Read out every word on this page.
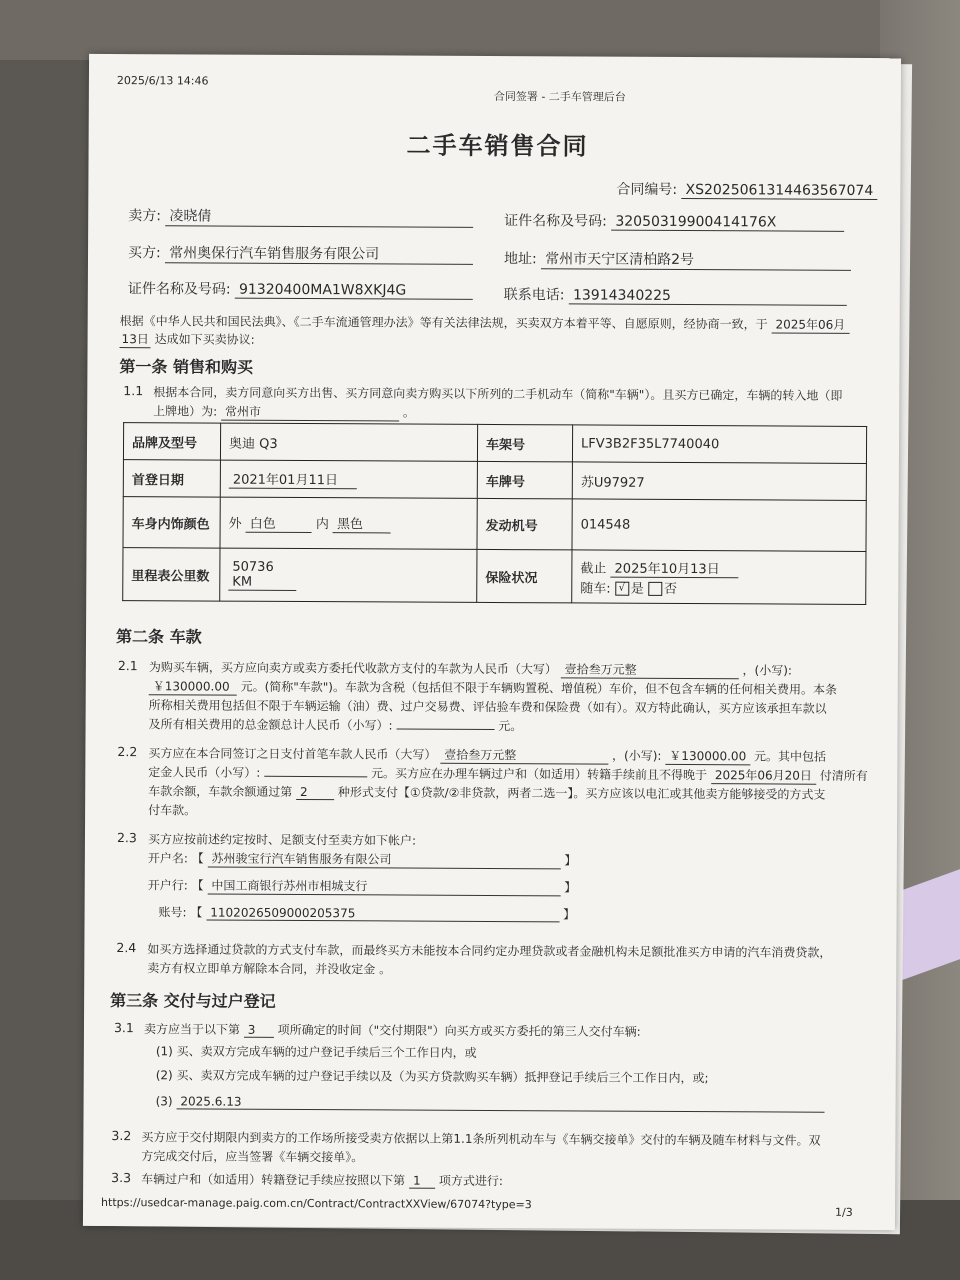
2025/6/13 14:46
合同签署 - 二手车管理后台
二手车销售合同
合同编号: XS2025061314463567074
卖方: 凌晓倩	证件名称及号码: 32050319900414176X
买方: 常州奥保行汽车销售服务有限公司	地址: 常州市天宁区清柏路2号
证件名称及号码: 91320400MA1W8XKJ4G	联系电话: 13914340225
根据《中华人民共和国民法典》、《二手车流通管理办法》等有关法律法规，买卖双方本着平等、自愿原则，经协商一致，于 2025年06月
13日 达成如下买卖协议:
第一条 销售和购买
1.1 根据本合同，卖方同意向买方出售、买方同意向卖方购买以下所列的二手机动车（简称"车辆"）。且买方已确定，车辆的转入地（即
上牌地）为: 常州市	。
品牌及型号	奥迪 Q3	车架号	LFV3B2F35L7740040
首登日期	2021年01月11日	车牌号	苏U97927
车身内饰颜色	外 白色 内 黑色	发动机号	014548
里程表公里数	50736 KM	保险状况	截止 2025年10月13日
随车: √ 是 否
第二条 车款
2.1 为购买车辆，买方应向卖方或卖方委托代收款方支付的车款为人民币（大写） 壹拾叁万元整	，(小写):
￥130000.00 元。(简称"车款")。车款为含税（包括但不限于车辆购置税、增值税）车价，但不包含车辆的任何相关费用。本条
所称相关费用包括但不限于车辆运输（油）费、过户交易费、评估验车费和保险费（如有）。双方特此确认，买方应该承担车款以
及所有相关费用的总金额总计人民币（小写）:	元。
2.2 买方应在本合同签订之日支付首笔车款人民币（大写） 壹拾叁万元整	，(小写): ￥130000.00 元。其中包括
定金人民币（小写）:	元。买方应在办理车辆过户和（如适用）转籍手续前且不得晚于 2025年06月20日 付清所有
车款余额，车款余额通过第 2	种形式支付【①贷款/②非贷款，两者二选一】。买方应该以电汇或其他卖方能够接受的方式支
付车款。
2.3 买方应按前述约定按时、足额支付至卖方如下帐户:
开户名: 【 苏州骏宝行汽车销售服务有限公司	】
开户行: 【 中国工商银行苏州市相城支行	】
账号: 【 1102026509000205375	】
2.4 如买方选择通过贷款的方式支付车款，而最终买方未能按本合同约定办理贷款或者金融机构未足额批准买方申请的汽车消费贷款，
卖方有权立即单方解除本合同，并没收定金 。
第三条 交付与过户登记
3.1 卖方应当于以下第 3 项所确定的时间（"交付期限"）向买方或买方委托的第三人交付车辆:
(1) 买、卖双方完成车辆的过户登记手续后三个工作日内，或
(2) 买、卖双方完成车辆的过户登记手续以及（为买方贷款购买车辆）抵押登记手续后三个工作日内，或;
(3) 2025.6.13
3.2 买方应于交付期限内到卖方的工作场所接受卖方依据以上第1.1条所列机动车与《车辆交接单》交付的车辆及随车材料与文件。双
方完成交付后，应当签署《车辆交接单》。
3.3 车辆过户和（如适用）转籍登记手续应按照以下第 1 项方式进行:
https://usedcar-manage.paig.com.cn/Contract/ContractXXView/67074?type=3
1/3
